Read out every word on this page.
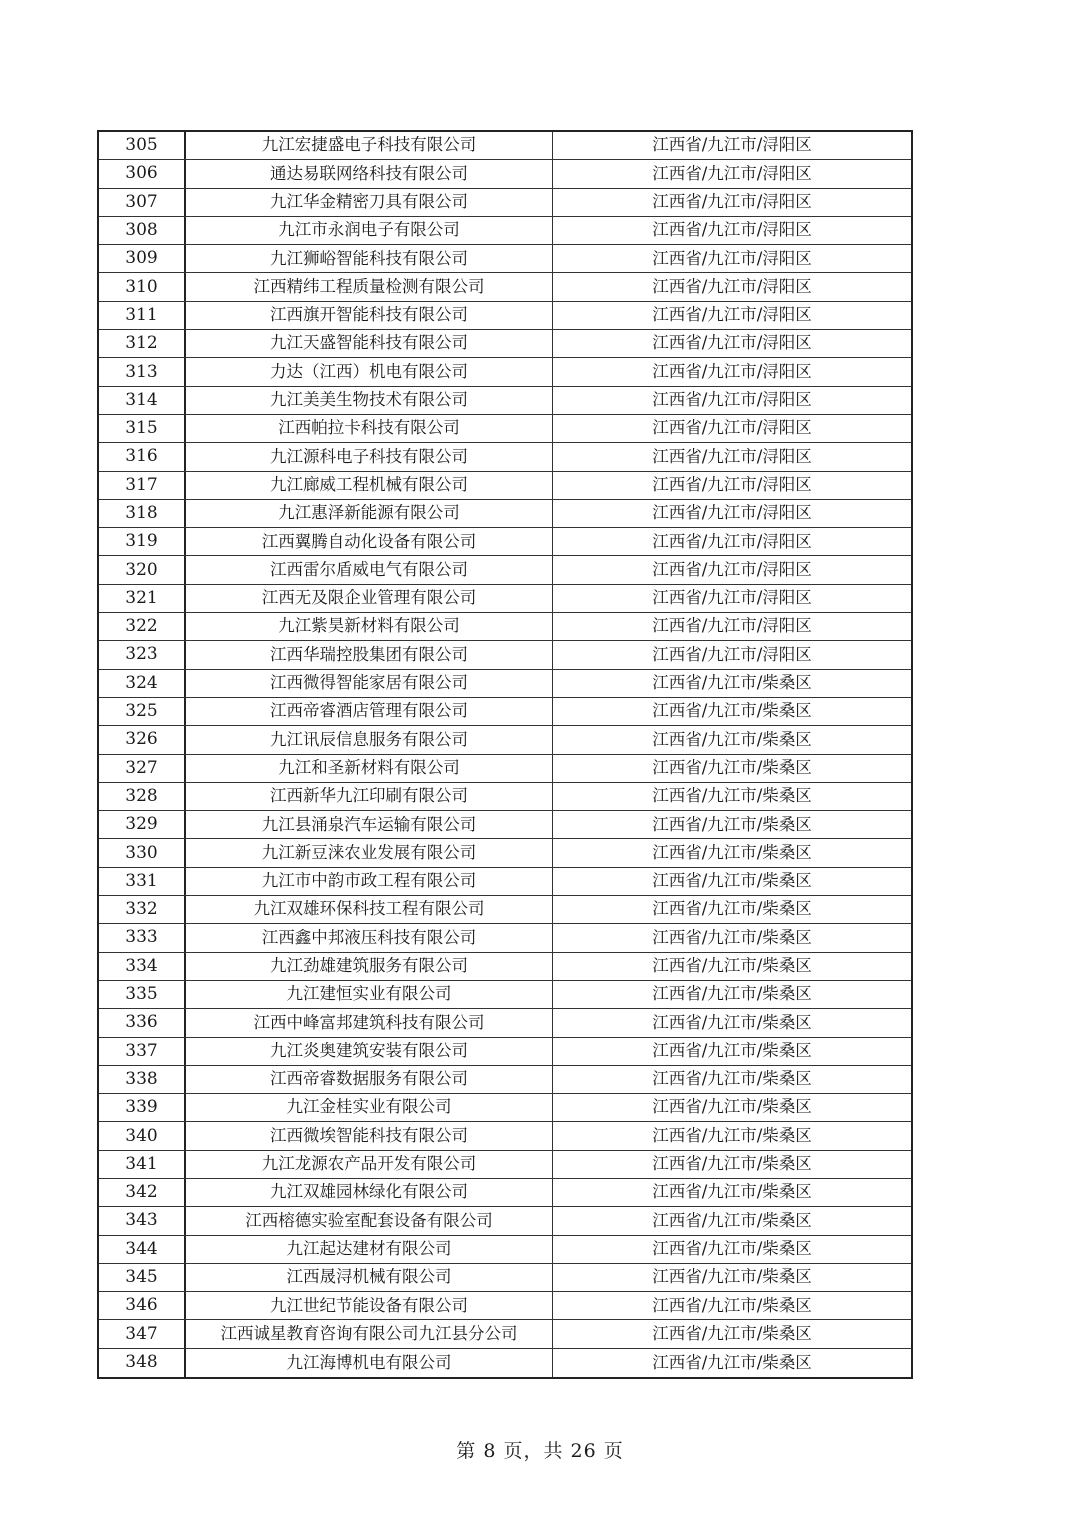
305	九江宏捷盛电子科技有限公司	江西省/九江市/浔阳区
306	通达易联网络科技有限公司	江西省/九江市/浔阳区
307	九江华金精密刀具有限公司	江西省/九江市/浔阳区
308	九江市永润电子有限公司	江西省/九江市/浔阳区
309	九江狮峪智能科技有限公司	江西省/九江市/浔阳区
310	江西精纬工程质量检测有限公司	江西省/九江市/浔阳区
311	江西旗开智能科技有限公司	江西省/九江市/浔阳区
312	九江天盛智能科技有限公司	江西省/九江市/浔阳区
313	力达（江西）机电有限公司	江西省/九江市/浔阳区
314	九江美美生物技术有限公司	江西省/九江市/浔阳区
315	江西帕拉卡科技有限公司	江西省/九江市/浔阳区
316	九江源科电子科技有限公司	江西省/九江市/浔阳区
317	九江廊威工程机械有限公司	江西省/九江市/浔阳区
318	九江惠泽新能源有限公司	江西省/九江市/浔阳区
319	江西翼腾自动化设备有限公司	江西省/九江市/浔阳区
320	江西雷尔盾威电气有限公司	江西省/九江市/浔阳区
321	江西无及限企业管理有限公司	江西省/九江市/浔阳区
322	九江紫昊新材料有限公司	江西省/九江市/浔阳区
323	江西华瑞控股集团有限公司	江西省/九江市/浔阳区
324	江西微得智能家居有限公司	江西省/九江市/柴桑区
325	江西帝睿酒店管理有限公司	江西省/九江市/柴桑区
326	九江讯辰信息服务有限公司	江西省/九江市/柴桑区
327	九江和圣新材料有限公司	江西省/九江市/柴桑区
328	江西新华九江印刷有限公司	江西省/九江市/柴桑区
329	九江县涌泉汽车运输有限公司	江西省/九江市/柴桑区
330	九江新豆涞农业发展有限公司	江西省/九江市/柴桑区
331	九江市中韵市政工程有限公司	江西省/九江市/柴桑区
332	九江双雄环保科技工程有限公司	江西省/九江市/柴桑区
333	江西鑫中邦液压科技有限公司	江西省/九江市/柴桑区
334	九江劲雄建筑服务有限公司	江西省/九江市/柴桑区
335	九江建恒实业有限公司	江西省/九江市/柴桑区
336	江西中峰富邦建筑科技有限公司	江西省/九江市/柴桑区
337	九江炎奥建筑安装有限公司	江西省/九江市/柴桑区
338	江西帝睿数据服务有限公司	江西省/九江市/柴桑区
339	九江金桂实业有限公司	江西省/九江市/柴桑区
340	江西微埃智能科技有限公司	江西省/九江市/柴桑区
341	九江龙源农产品开发有限公司	江西省/九江市/柴桑区
342	九江双雄园林绿化有限公司	江西省/九江市/柴桑区
343	江西榕德实验室配套设备有限公司	江西省/九江市/柴桑区
344	九江起达建材有限公司	江西省/九江市/柴桑区
345	江西晟浔机械有限公司	江西省/九江市/柴桑区
346	九江世纪节能设备有限公司	江西省/九江市/柴桑区
347	江西诚星教育咨询有限公司九江县分公司	江西省/九江市/柴桑区
348	九江海博机电有限公司	江西省/九江市/柴桑区
第 8 页，共 26 页
